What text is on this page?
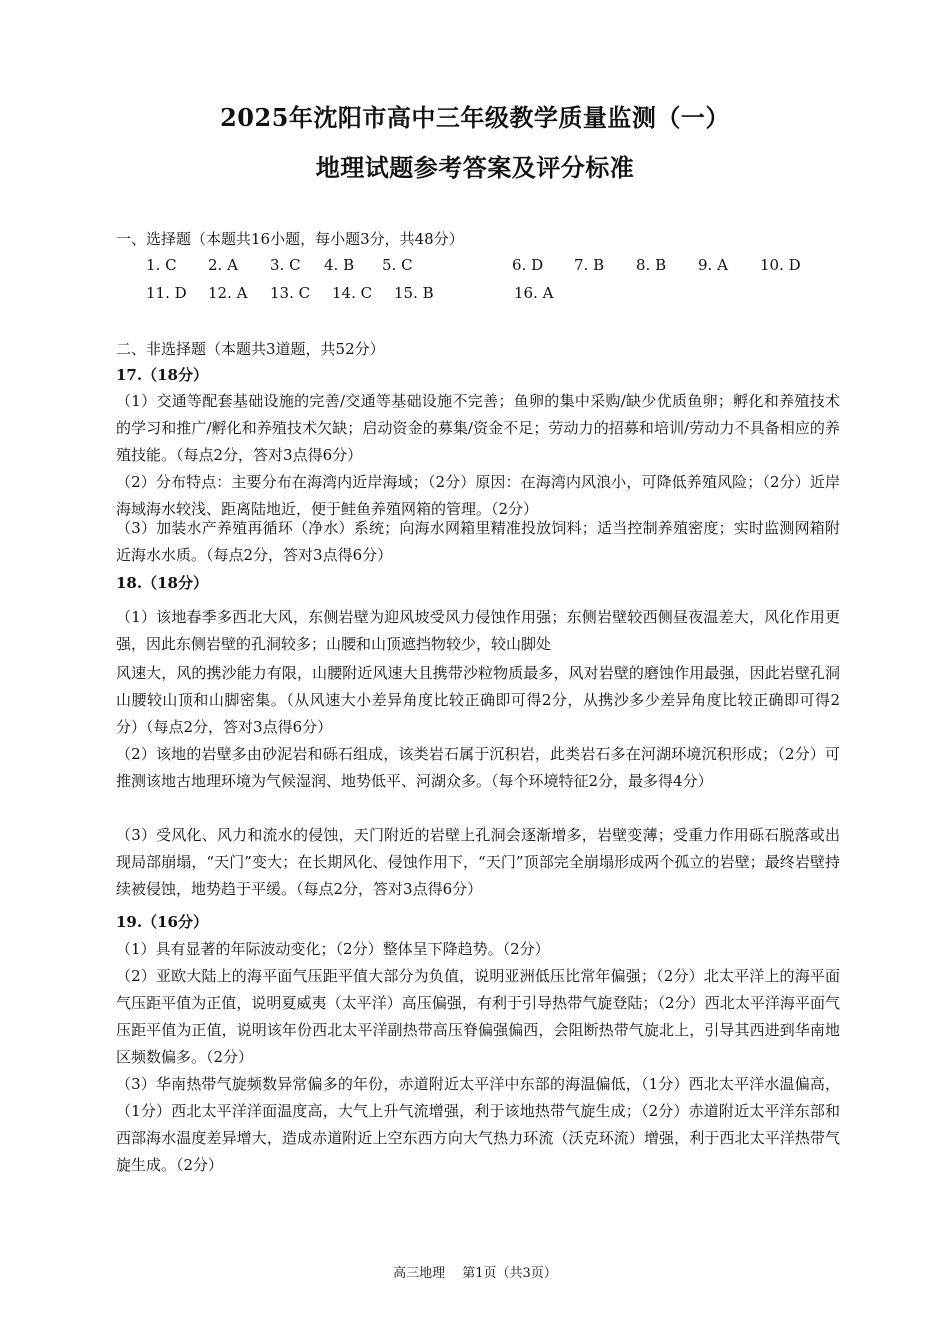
2025年沈阳市高中三年级教学质量监测（一）
地理试题参考答案及评分标准
一、选择题（本题共16小题，每小题3分，共48分）
1. C 2. A 3. C 4. B 5. C	6. D 7. B 8. B 9. A 10. D
11. D 12. A 13. C 14. C 15. B	16. A
二、非选择题（本题共3道题，共52分）
17.（18分）
（1）交通等配套基础设施的完善/交通等基础设施不完善；鱼卵的集中采购/缺少优质鱼卵；孵化和养殖技术的学习和推广/孵化和养殖技术欠缺；启动资金的募集/资金不足；劳动力的招募和培训/劳动力不具备相应的养殖技能。（每点2分，答对3点得6分）
（2）分布特点：主要分布在海湾内近岸海域；（2分）原因：在海湾内风浪小，可降低养殖风险；（2分）近岸海域海水较浅、距离陆地近，便于鲑鱼养殖网箱的管理。（2分）
（3）加装水产养殖再循环（净水）系统；向海水网箱里精准投放饲料；适当控制养殖密度；实时监测网箱附近海水水质。（每点2分，答对3点得6分）
18.（18分）
（1）该地春季多西北大风，东侧岩壁为迎风坡受风力侵蚀作用强；东侧岩壁较西侧昼夜温差大，风化作用更强，因此东侧岩壁的孔洞较多；山腰和山顶遮挡物较少，较山脚处
风速大，风的携沙能力有限，山腰附近风速大且携带沙粒物质最多，风对岩壁的磨蚀作用最强，因此岩壁孔洞山腰较山顶和山脚密集。（从风速大小差异角度比较正确即可得2分，从携沙多少差异角度比较正确即可得2分）（每点2分，答对3点得6分）
（2）该地的岩壁多由砂泥岩和砾石组成，该类岩石属于沉积岩，此类岩石多在河湖环境沉积形成；（2分）可推测该地古地理环境为气候湿润、地势低平、河湖众多。（每个环境特征2分，最多得4分）
（3）受风化、风力和流水的侵蚀，天门附近的岩壁上孔洞会逐渐增多，岩壁变薄；受重力作用砾石脱落或出现局部崩塌，“天门”变大；在长期风化、侵蚀作用下，“天门”顶部完全崩塌形成两个孤立的岩壁；最终岩壁持续被侵蚀，地势趋于平缓。（每点2分，答对3点得6分）
19.（16分）
（1）具有显著的年际波动变化；（2分）整体呈下降趋势。（2分）
（2）亚欧大陆上的海平面气压距平值大部分为负值，说明亚洲低压比常年偏强；（2分）北太平洋上的海平面气压距平值为正值，说明夏威夷（太平洋）高压偏强，有利于引导热带气旋登陆；（2分）西北太平洋海平面气压距平值为正值，说明该年份西北太平洋副热带高压脊偏强偏西，会阻断热带气旋北上，引导其西进到华南地区频数偏多。（2分）
（3）华南热带气旋频数异常偏多的年份，赤道附近太平洋中东部的海温偏低，（1分）西北太平洋水温偏高，（1分）西北太平洋洋面温度高，大气上升气流增强，利于该地热带气旋生成；（2分）赤道附近太平洋东部和西部海水温度差异增大，造成赤道附近上空东西方向大气热力环流（沃克环流）增强，利于西北太平洋热带气旋生成。（2分）
高三地理　 第1页（共3页）
